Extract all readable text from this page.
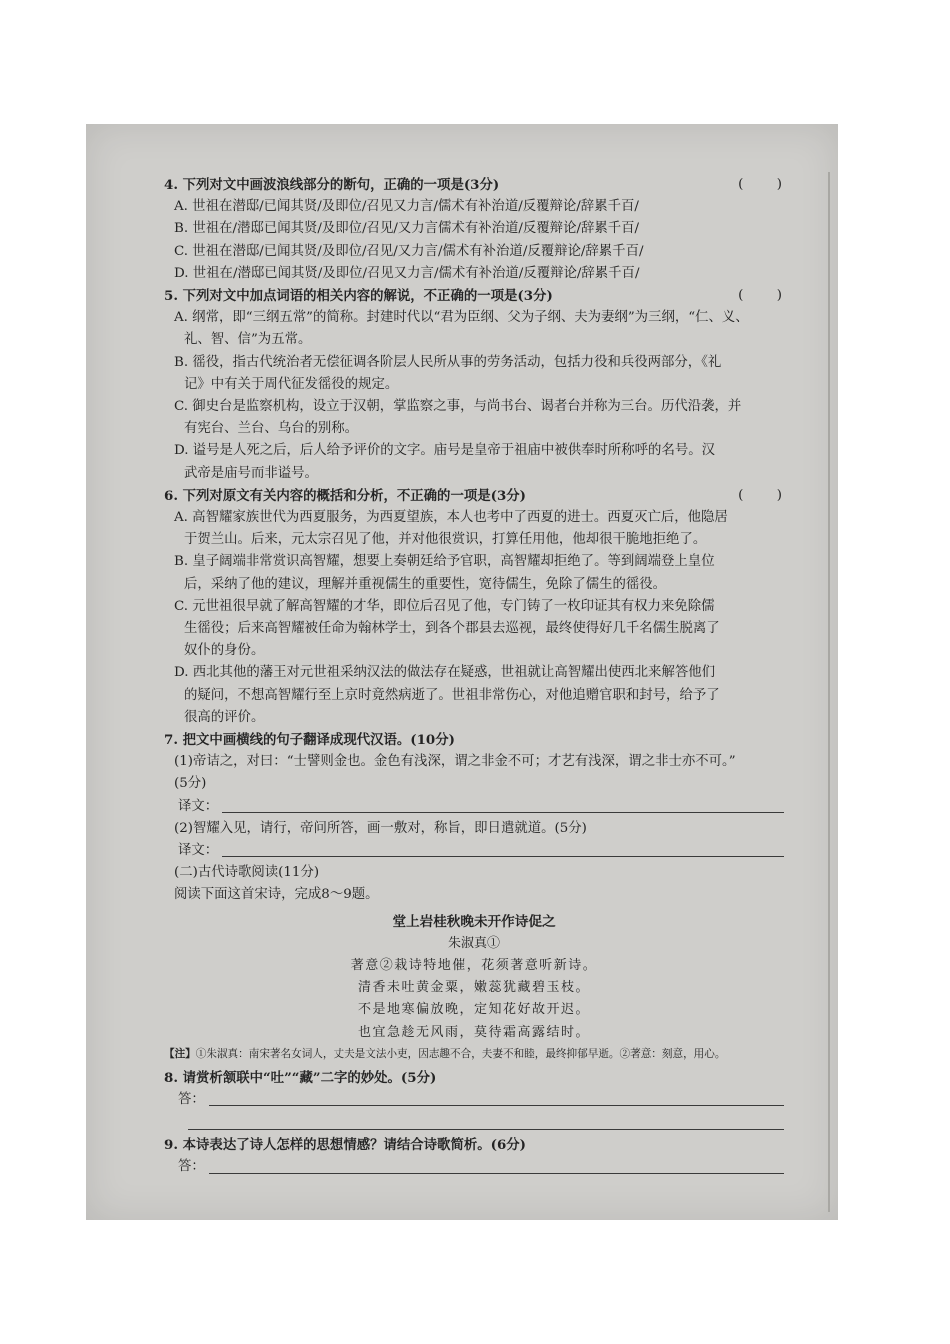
4. 下列对文中画波浪线部分的断句，正确的一项是(3分)	(　)

A. 世祖在潜邸/已闻其贤/及即位/召见又力言/儒术有补治道/反覆辩论/辞累千百/

B. 世祖在/潜邸已闻其贤/及即位/召见/又力言儒术有补治道/反覆辩论/辞累千百/

C. 世祖在潜邸/已闻其贤/及即位/召见/又力言/儒术有补治道/反覆辩论/辞累千百/

D. 世祖在/潜邸已闻其贤/及即位/召见又力言/儒术有补治道/反覆辩论/辞累千百/

5. 下列对文中加点词语的相关内容的解说，不正确的一项是(3分)	(　)

A. 纲常，即“三纲五常”的简称。封建时代以“君为臣纲、父为子纲、夫为妻纲”为三纲，“仁、义、
礼、智、信”为五常。

B. 徭役，指古代统治者无偿征调各阶层人民所从事的劳务活动，包括力役和兵役两部分，《礼
记》中有关于周代征发徭役的规定。

C. 御史台是监察机构，设立于汉朝，掌监察之事，与尚书台、谒者台并称为三台。历代沿袭，并
有宪台、兰台、乌台的别称。

D. 谥号是人死之后，后人给予评价的文字。庙号是皇帝于祖庙中被供奉时所称呼的名号。汉
武帝是庙号而非谥号。

6. 下列对原文有关内容的概括和分析，不正确的一项是(3分)	(　)

A. 高智耀家族世代为西夏服务，为西夏望族，本人也考中了西夏的进士。西夏灭亡后，他隐居
于贺兰山。后来，元太宗召见了他，并对他很赏识，打算任用他，他却很干脆地拒绝了。

B. 皇子阔端非常赏识高智耀，想要上奏朝廷给予官职，高智耀却拒绝了。等到阔端登上皇位
后，采纳了他的建议，理解并重视儒生的重要性，宽待儒生，免除了儒生的徭役。

C. 元世祖很早就了解高智耀的才华，即位后召见了他，专门铸了一枚印证其有权力来免除儒
生徭役；后来高智耀被任命为翰林学士，到各个郡县去巡视，最终使得好几千名儒生脱离了
奴仆的身份。

D. 西北其他的藩王对元世祖采纳汉法的做法存在疑惑，世祖就让高智耀出使西北来解答他们
的疑问，不想高智耀行至上京时竟然病逝了。世祖非常伤心，对他追赠官职和封号，给予了
很高的评价。

7. 把文中画横线的句子翻译成现代汉语。(10分)

(1)帝诘之，对曰：“士譬则金也。金色有浅深，谓之非金不可；才艺有浅深，谓之非士亦不可。”

(5分)

译文：

(2)智耀入见，请行，帝问所答，画一敷对，称旨，即日遣就道。(5分)

译文：

(二)古代诗歌阅读(11分)

阅读下面这首宋诗，完成8～9题。

堂上岩桂秋晚未开作诗促之

朱淑真①

著意②栽诗特地催，花须著意听新诗。

清香未吐黄金粟，嫩蕊犹藏碧玉枝。

不是地寒偏放晚，定知花好故开迟。

也宜急趁无风雨，莫待霜高露结时。

【注】①朱淑真：南宋著名女词人，丈夫是文法小吏，因志趣不合，夫妻不和睦，最终抑郁早逝。②著意：刻意，用心。

8. 请赏析颔联中“吐”“藏”二字的妙处。(5分)

答：

9. 本诗表达了诗人怎样的思想情感？请结合诗歌简析。(6分)

答：
